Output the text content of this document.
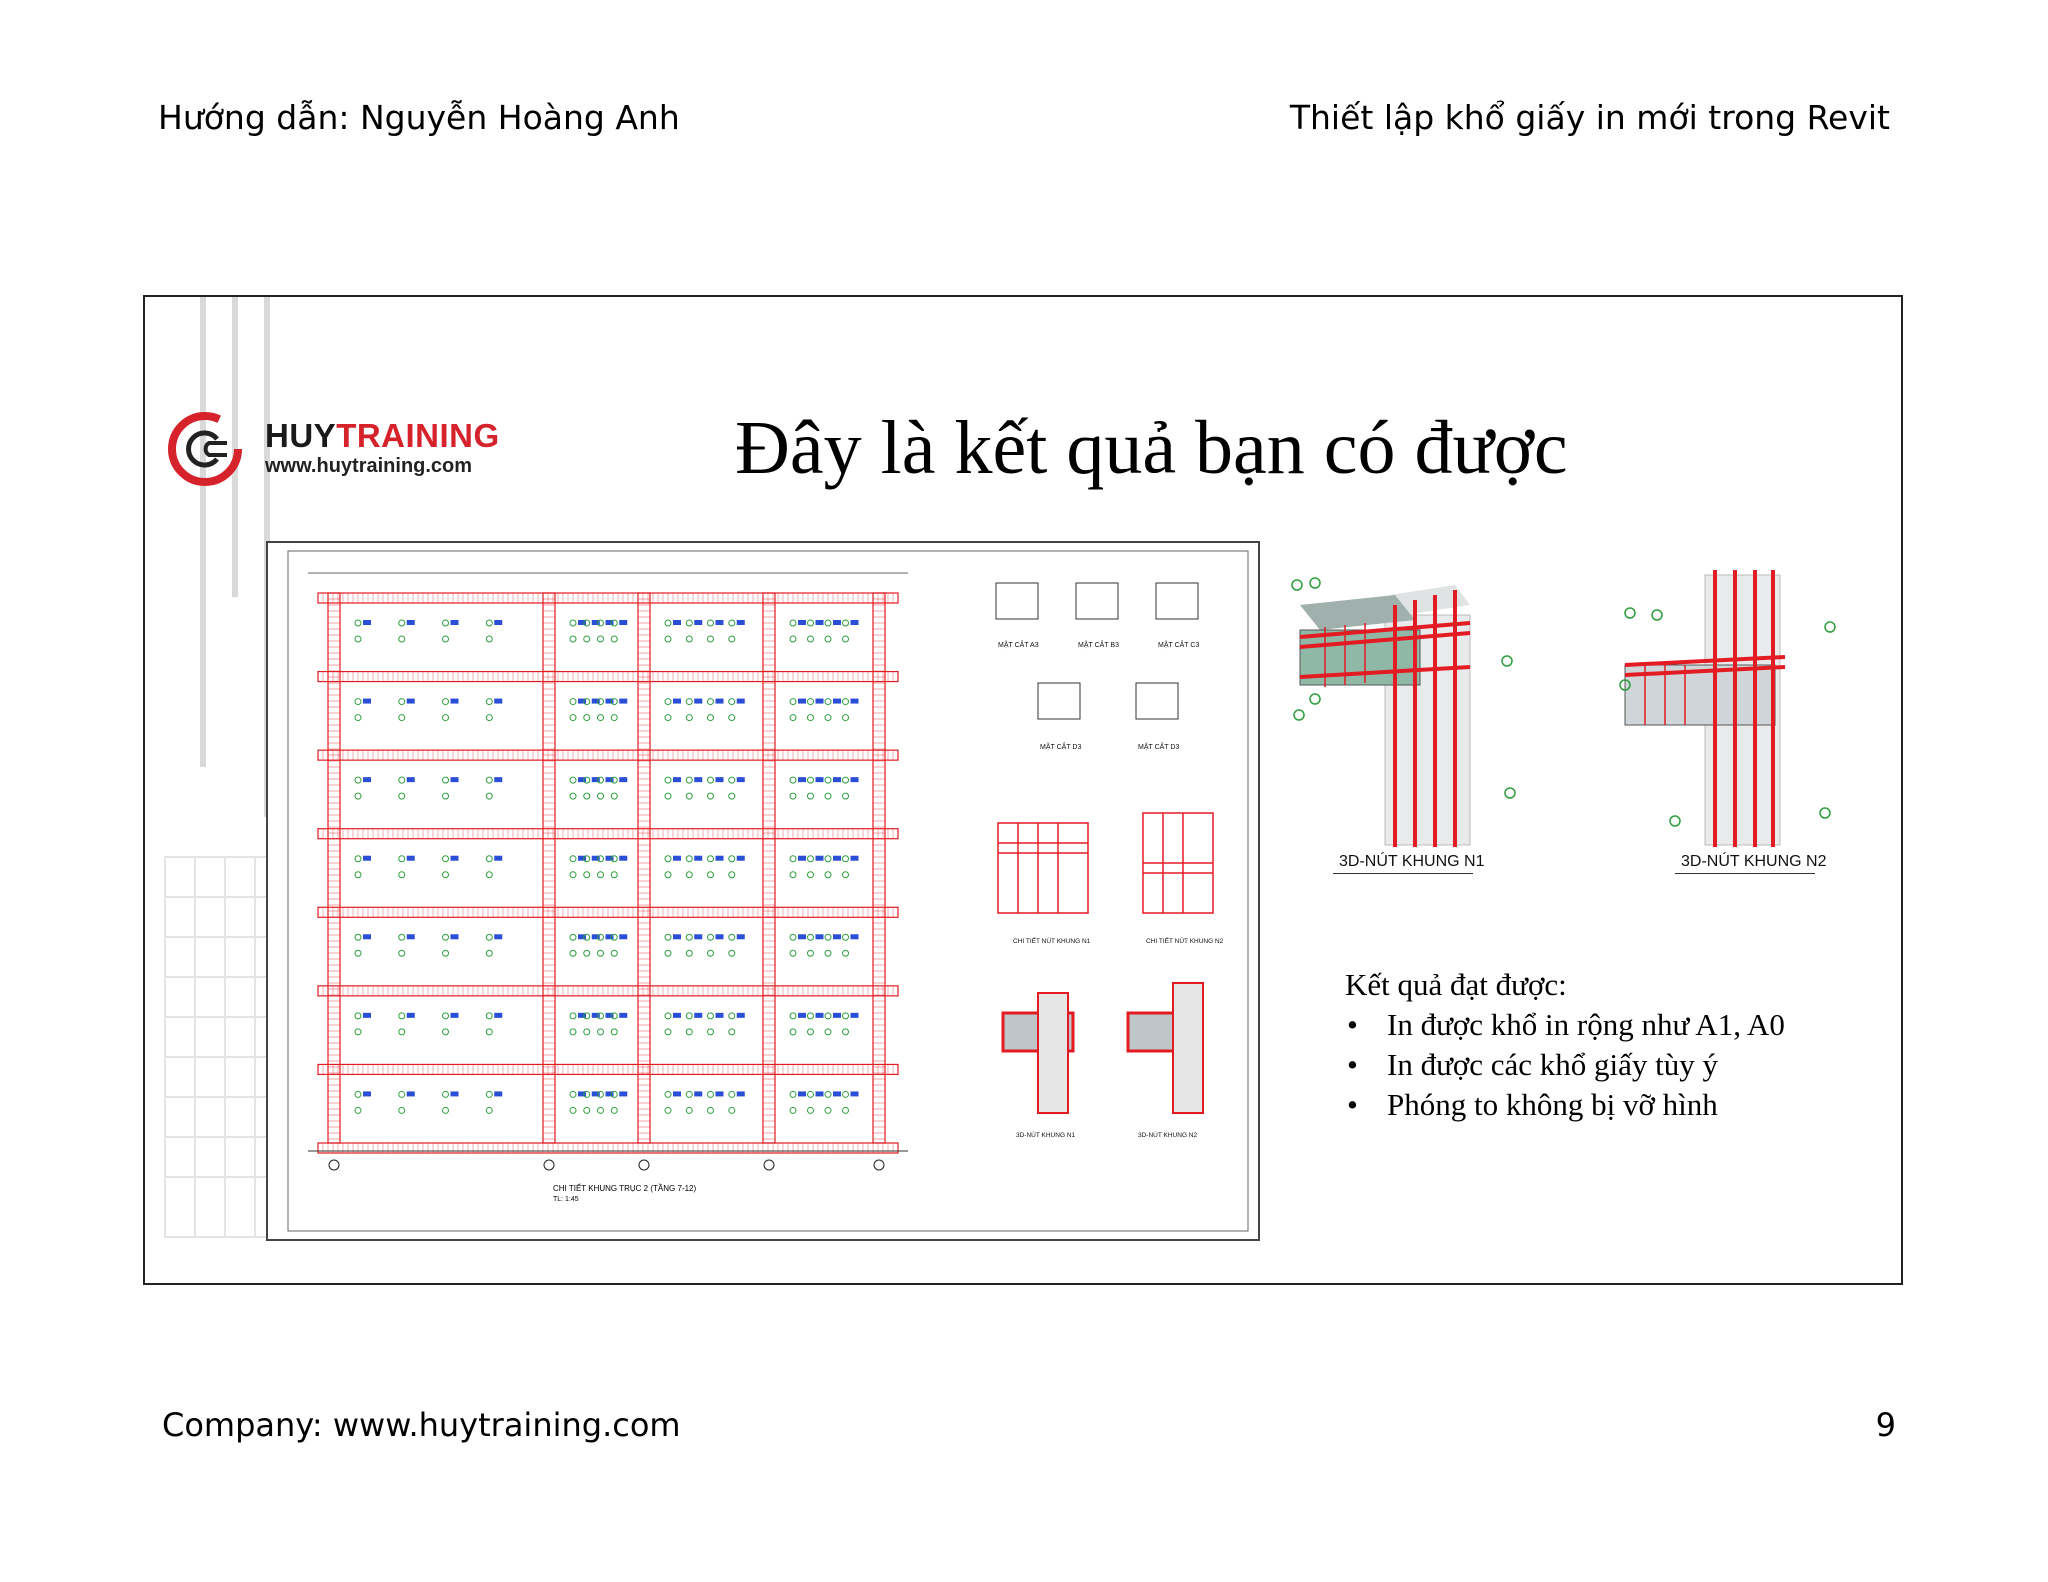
Hướng dẫn: Nguyễn Hoàng Anh	Thiết lập khổ giấy in mới trong Revit
HUYTRAINING
www.huytraining.com	Đây là kết quả bạn có được
CHI TIẾT KHUNG TRỤC 2 (TẦNG 7-12)
TL: 1:45
MẶT CẮT A3	MẶT CẮT B3	MẶT CẮT C3
MẶT CẮT D3	MẶT CẮT D3
CHI TIẾT NÚT KHUNG N1	CHI TIẾT NÚT KHUNG N2
3D-NÚT KHUNG N1	3D-NÚT KHUNG N2
3D-NÚT KHUNG N1	3D-NÚT KHUNG N2
Kết quả đạt được:
• In được khổ in rộng như A1, A0
• In được các khổ giấy tùy ý
• Phóng to không bị vỡ hình
Company: www.huytraining.com	9
